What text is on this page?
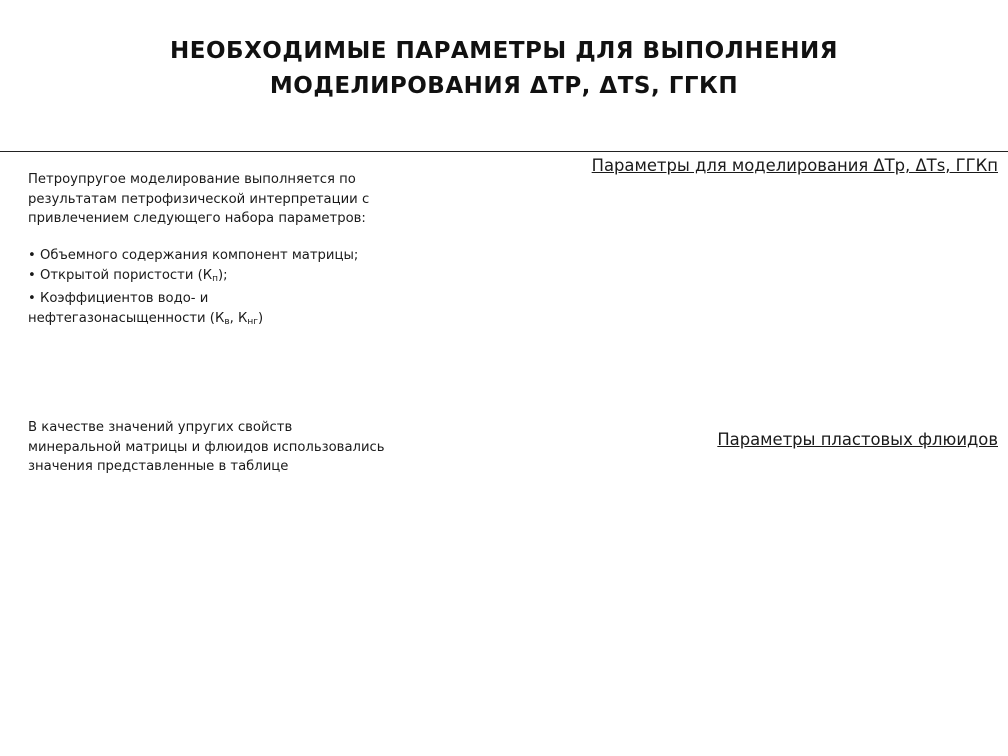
НЕОБХОДИМЫЕ ПАРАМЕТРЫ ДЛЯ ВЫПОЛНЕНИЯ
МОДЕЛИРОВАНИЯ ΔТР, ΔТS, ГГКП
Петроупругое моделирование выполняется по
результатам петрофизической интерпретации с
привлечением следующего набора параметров:
• Объемного содержания компонент матрицы;
• Открытой пористости $(К_п)$;
• Коэффициентов водо- и
нефтегазонасыщенности ($К_в$, $К_{нг}$)
В качестве значений упругих свойств
минеральной матрицы и флюидов использовались
значения представленные в таблице
Параметры для моделирования ΔТр, ΔТs, ГГКп
Параметры пластовых флюидов
